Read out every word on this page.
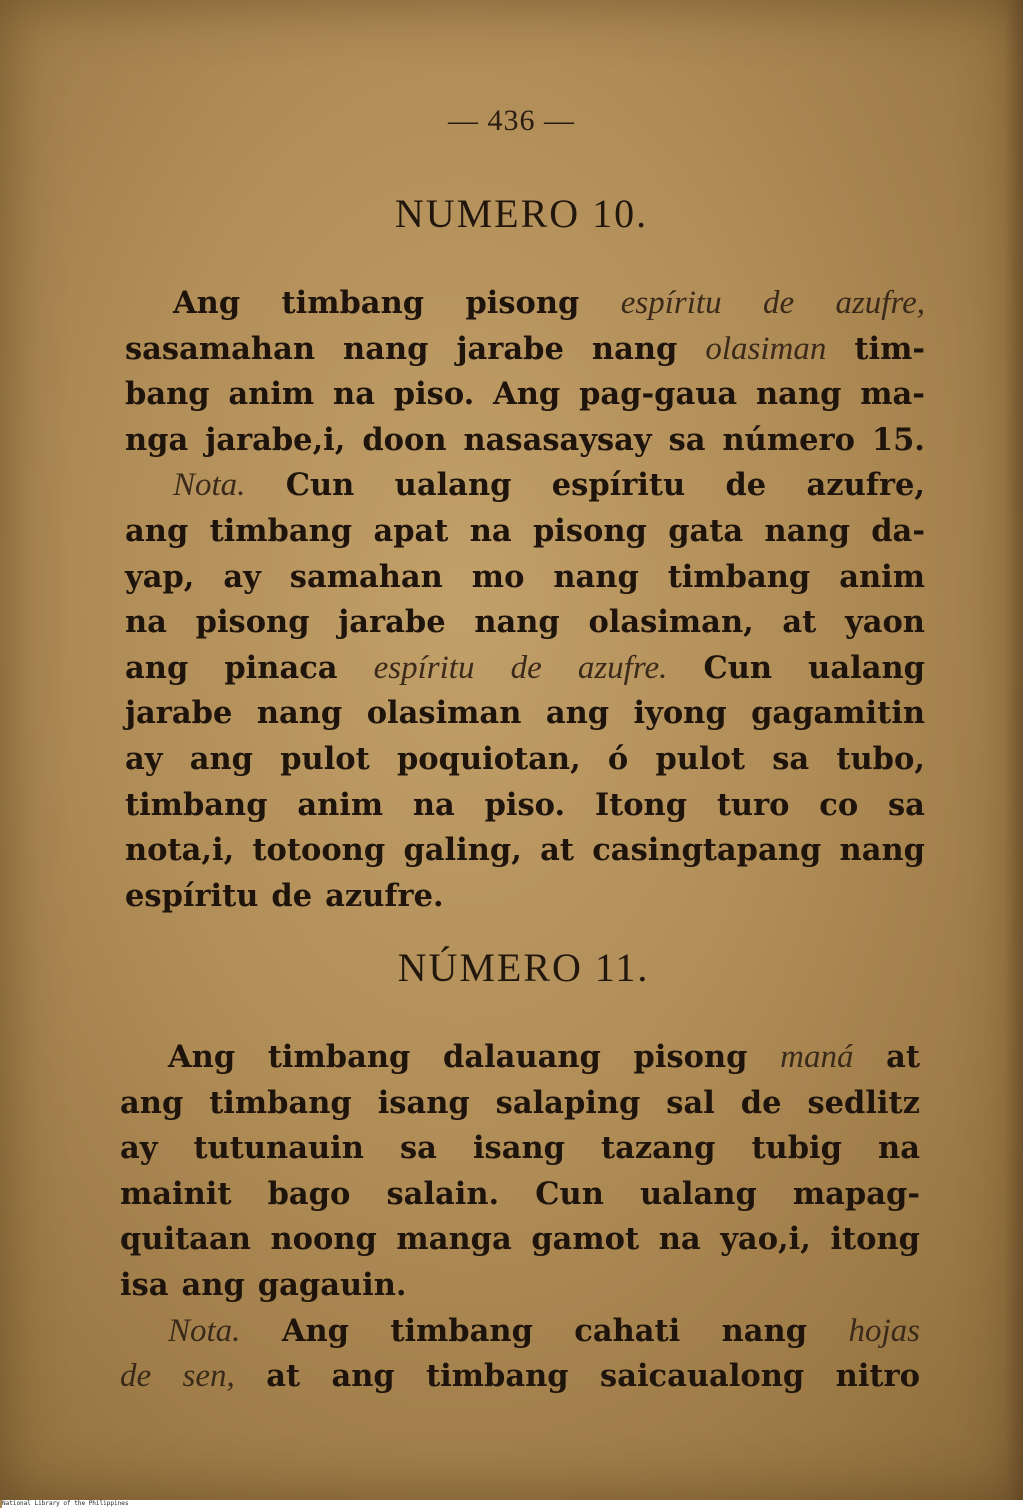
— 436 —
NUMERO 10.
Ang timbang pisong espíritu de azufre,
sasamahan nang jarabe nang olasiman tim-
bang anim na piso. Ang pag-gaua nang ma-
nga jarabe,i, doon nasasaysay sa número 15.
Nota. Cun ualang espíritu de azufre,
ang timbang apat na pisong gata nang da-
yap, ay samahan mo nang timbang anim
na pisong jarabe nang olasiman, at yaon
ang pinaca espíritu de azufre. Cun ualang
jarabe nang olasiman ang iyong gagamitin
ay ang pulot poquiotan, ó pulot sa tubo,
timbang anim na piso. Itong turo co sa
nota,i, totoong galing, at casingtapang nang
espíritu de azufre.
NÚMERO 11.
Ang timbang dalauang pisong maná at
ang timbang isang salaping sal de sedlitz
ay tutunauin sa isang tazang tubig na
mainit bago salain. Cun ualang mapag-
quitaan noong manga gamot na yao,i, itong
isa ang gagauin.
Nota. Ang timbang cahati nang hojas
de sen, at ang timbang saicaualong nitro
National Library of the Philippines
